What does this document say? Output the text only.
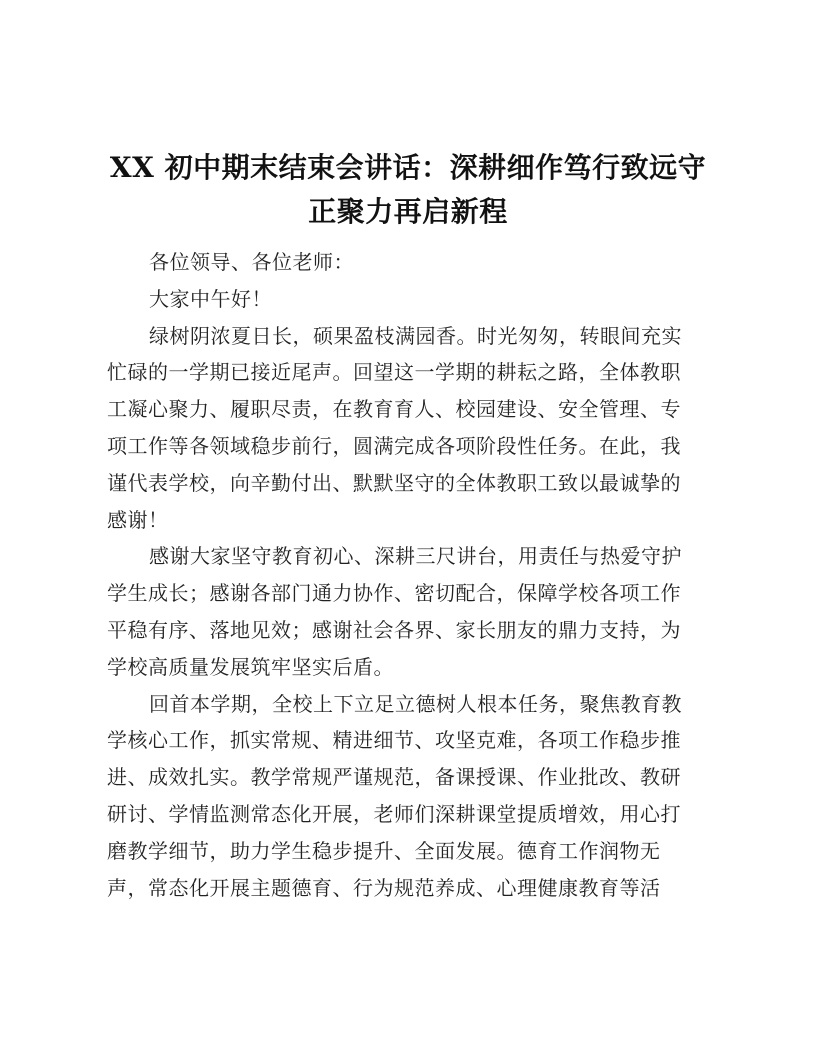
XX 初中期末结束会讲话：深耕细作笃行致远守
正聚力再启新程
各位领导、各位老师：
大家中午好！
绿树阴浓夏日长，硕果盈枝满园香。时光匆匆，转眼间充实
忙碌的一学期已接近尾声。回望这一学期的耕耘之路，全体教职
工凝心聚力、履职尽责，在教育育人、校园建设、安全管理、专
项工作等各领域稳步前行，圆满完成各项阶段性任务。在此，我
谨代表学校，向辛勤付出、默默坚守的全体教职工致以最诚挚的
感谢！
感谢大家坚守教育初心、深耕三尺讲台，用责任与热爱守护
学生成长；感谢各部门通力协作、密切配合，保障学校各项工作
平稳有序、落地见效；感谢社会各界、家长朋友的鼎力支持，为
学校高质量发展筑牢坚实后盾。
回首本学期，全校上下立足立德树人根本任务，聚焦教育教
学核心工作，抓实常规、精进细节、攻坚克难，各项工作稳步推
进、成效扎实。教学常规严谨规范，备课授课、作业批改、教研
研讨、学情监测常态化开展，老师们深耕课堂提质增效，用心打
磨教学细节，助力学生稳步提升、全面发展。德育工作润物无
声，常态化开展主题德育、行为规范养成、心理健康教育等活
